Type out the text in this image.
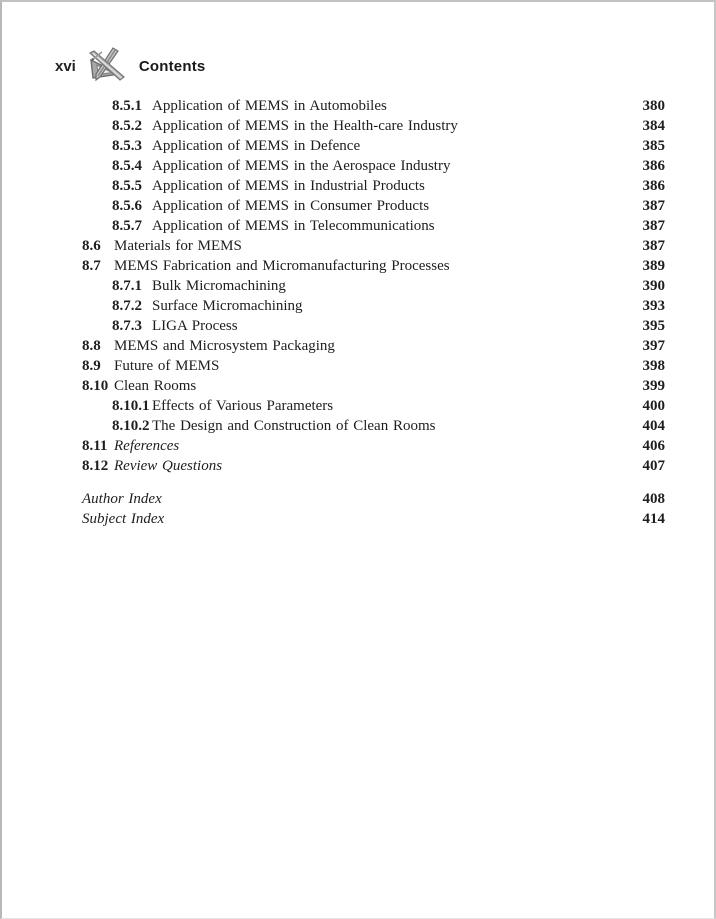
xvi	Contents
8.5.1 Application of MEMS in Automobiles	380
8.5.2 Application of MEMS in the Health-care Industry	384
8.5.3 Application of MEMS in Defence	385
8.5.4 Application of MEMS in the Aerospace Industry	386
8.5.5 Application of MEMS in Industrial Products	386
8.5.6 Application of MEMS in Consumer Products	387
8.5.7 Application of MEMS in Telecommunications	387
8.6 Materials for MEMS	387
8.7 MEMS Fabrication and Micromanufacturing Processes	389
8.7.1 Bulk Micromachining	390
8.7.2 Surface Micromachining	393
8.7.3 LIGA Process	395
8.8 MEMS and Microsystem Packaging	397
8.9 Future of MEMS	398
8.10 Clean Rooms	399
8.10.1 Effects of Various Parameters	400
8.10.2 The Design and Construction of Clean Rooms	404
8.11 References	406
8.12 Review Questions	407
Author Index	408
Subject Index	414
